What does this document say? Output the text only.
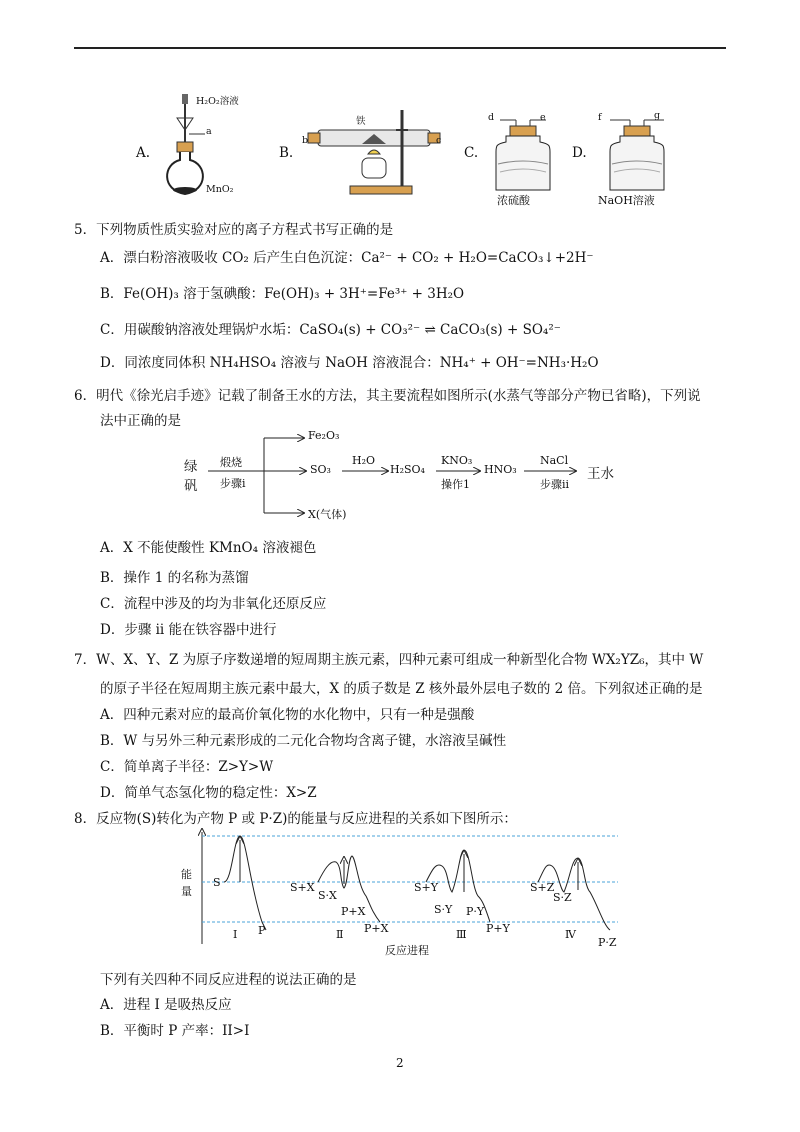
A.
H₂O₂溶液
a
MnO₂
B.
b
铁
c
C.
d	e
浓硫酸
D.
f	g
NaOH溶液
5．下列物质性质实验对应的离子方程式书写正确的是
A．漂白粉溶液吸收 CO₂ 后产生白色沉淀：Ca²⁻ + CO₂ + H₂O=CaCO₃↓+2H⁻
B．Fe(OH)₃ 溶于氢碘酸：Fe(OH)₃ + 3H⁺=Fe³⁺ + 3H₂O
C．用碳酸钠溶液处理锅炉水垢：CaSO₄(s) + CO₃²⁻ ⇌ CaCO₃(s) + SO₄²⁻
D．同浓度同体积 NH₄HSO₄ 溶液与 NaOH 溶液混合：NH₄⁺ + OH⁻=NH₃·H₂O
6．明代《徐光启手迹》记载了制备王水的方法，其主要流程如图所示(水蒸气等部分产物已省略)，下列说
法中正确的是
绿
矾
煅烧
步骤i
Fe₂O₃
SO₃
X(气体)
H₂O
H₂SO₄
KNO₃
操作1
HNO₃
NaCl
步骤ii
王水
A．X 不能使酸性 KMnO₄ 溶液褪色
B．操作 1 的名称为蒸馏
C．流程中涉及的均为非氧化还原反应
D．步骤 ii 能在铁容器中进行
7．W、X、Y、Z 为原子序数递增的短周期主族元素，四种元素可组成一种新型化合物 WX₂YZ₆，其中 W
的原子半径在短周期主族元素中最大，X 的质子数是 Z 核外最外层电子数的 2 倍。下列叙述正确的是
A．四种元素对应的最高价氧化物的水化物中，只有一种是强酸
B．W 与另外三种元素形成的二元化合物均含离子键，水溶液呈碱性
C．简单离子半径：Z>Y>W
D．简单气态氢化物的稳定性：X>Z
8．反应物(S)转化为产物 P 或 P·Z)的能量与反应进程的关系如下图所示：
能
量
S
P
I
S+X
S·X
P+X
P+X
Ⅱ
S+Y
S·Y P·Y
P+Y
Ⅲ
S+Z
S·Z
Ⅳ
P·Z
反应进程
下列有关四种不同反应进程的说法正确的是
A．进程 I 是吸热反应
B．平衡时 P 产率：II>I
2
